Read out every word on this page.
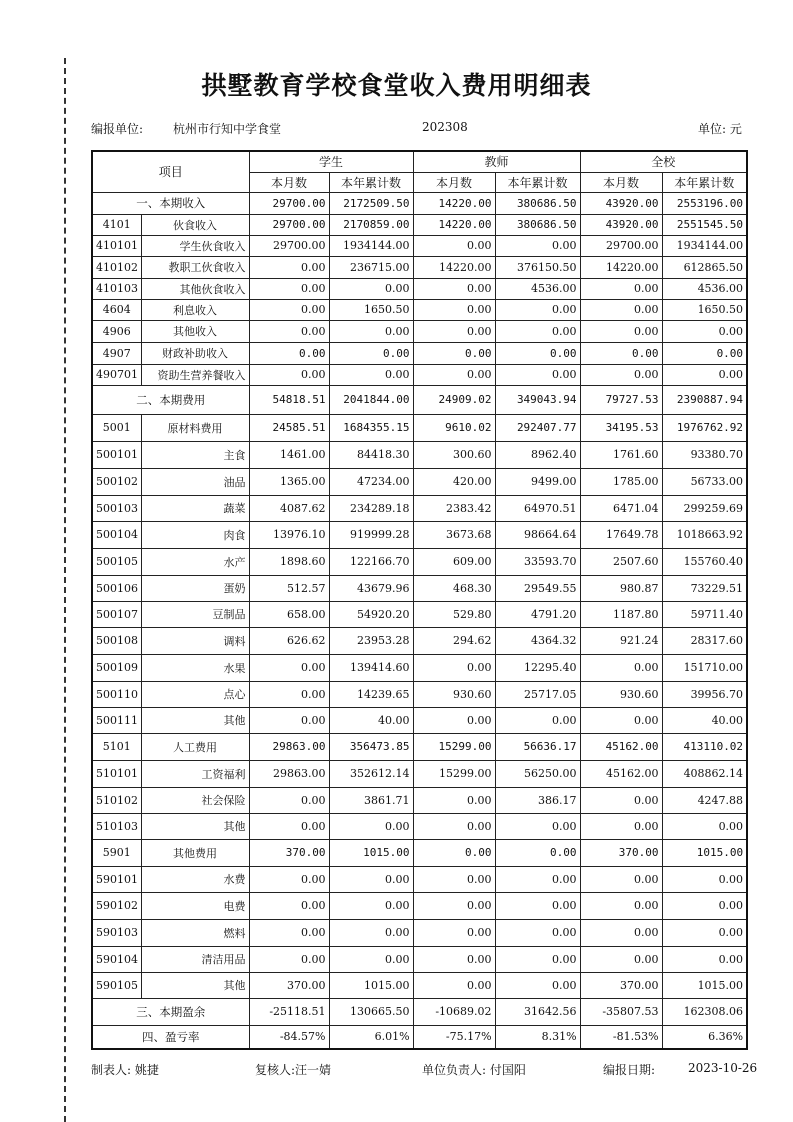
拱墅教育学校食堂收入费用明细表
编报单位: 杭州市行知中学食堂	202308	单位: 元
项目		学生		教师		全校	
		本月数	本年累计数	本月数	本年累计数	本月数	本年累计数
一、本期收入		29700.00	2172509.50	14220.00	380686.50	43920.00	2553196.00
4101	伙食收入	29700.00	2170859.00	14220.00	380686.50	43920.00	2551545.50
410101	学生伙食收入	29700.00	1934144.00	0.00	0.00	29700.00	1934144.00
410102	教职工伙食收入	0.00	236715.00	14220.00	376150.50	14220.00	612865.50
410103	其他伙食收入	0.00	0.00	0.00	4536.00	0.00	4536.00
4604	利息收入	0.00	1650.50	0.00	0.00	0.00	1650.50
4906	其他收入	0.00	0.00	0.00	0.00	0.00	0.00
4907	财政补助收入	0.00	0.00	0.00	0.00	0.00	0.00
490701	资助生营养餐收入	0.00	0.00	0.00	0.00	0.00	0.00
二、本期费用		54818.51	2041844.00	24909.02	349043.94	79727.53	2390887.94
5001	原材料费用	24585.51	1684355.15	9610.02	292407.77	34195.53	1976762.92
500101	主食	1461.00	84418.30	300.60	8962.40	1761.60	93380.70
500102	油品	1365.00	47234.00	420.00	9499.00	1785.00	56733.00
500103	蔬菜	4087.62	234289.18	2383.42	64970.51	6471.04	299259.69
500104	肉食	13976.10	919999.28	3673.68	98664.64	17649.78	1018663.92
500105	水产	1898.60	122166.70	609.00	33593.70	2507.60	155760.40
500106	蛋奶	512.57	43679.96	468.30	29549.55	980.87	73229.51
500107	豆制品	658.00	54920.20	529.80	4791.20	1187.80	59711.40
500108	调料	626.62	23953.28	294.62	4364.32	921.24	28317.60
500109	水果	0.00	139414.60	0.00	12295.40	0.00	151710.00
500110	点心	0.00	14239.65	930.60	25717.05	930.60	39956.70
500111	其他	0.00	40.00	0.00	0.00	0.00	40.00
5101	人工费用	29863.00	356473.85	15299.00	56636.17	45162.00	413110.02
510101	工资福利	29863.00	352612.14	15299.00	56250.00	45162.00	408862.14
510102	社会保险	0.00	3861.71	0.00	386.17	0.00	4247.88
510103	其他	0.00	0.00	0.00	0.00	0.00	0.00
5901	其他费用	370.00	1015.00	0.00	0.00	370.00	1015.00
590101	水费	0.00	0.00	0.00	0.00	0.00	0.00
590102	电费	0.00	0.00	0.00	0.00	0.00	0.00
590103	燃料	0.00	0.00	0.00	0.00	0.00	0.00
590104	清洁用品	0.00	0.00	0.00	0.00	0.00	0.00
590105	其他	370.00	1015.00	0.00	0.00	370.00	1015.00
三、本期盈余		-25118.51	130665.50	-10689.02	31642.56	-35807.53	162308.06
四、盈亏率		-84.57%	6.01%	-75.17%	8.31%	-81.53%	6.36%
制表人: 姚捷	复核人:汪一婧	单位负责人: 付国阳	编报日期:	2023-10-26
